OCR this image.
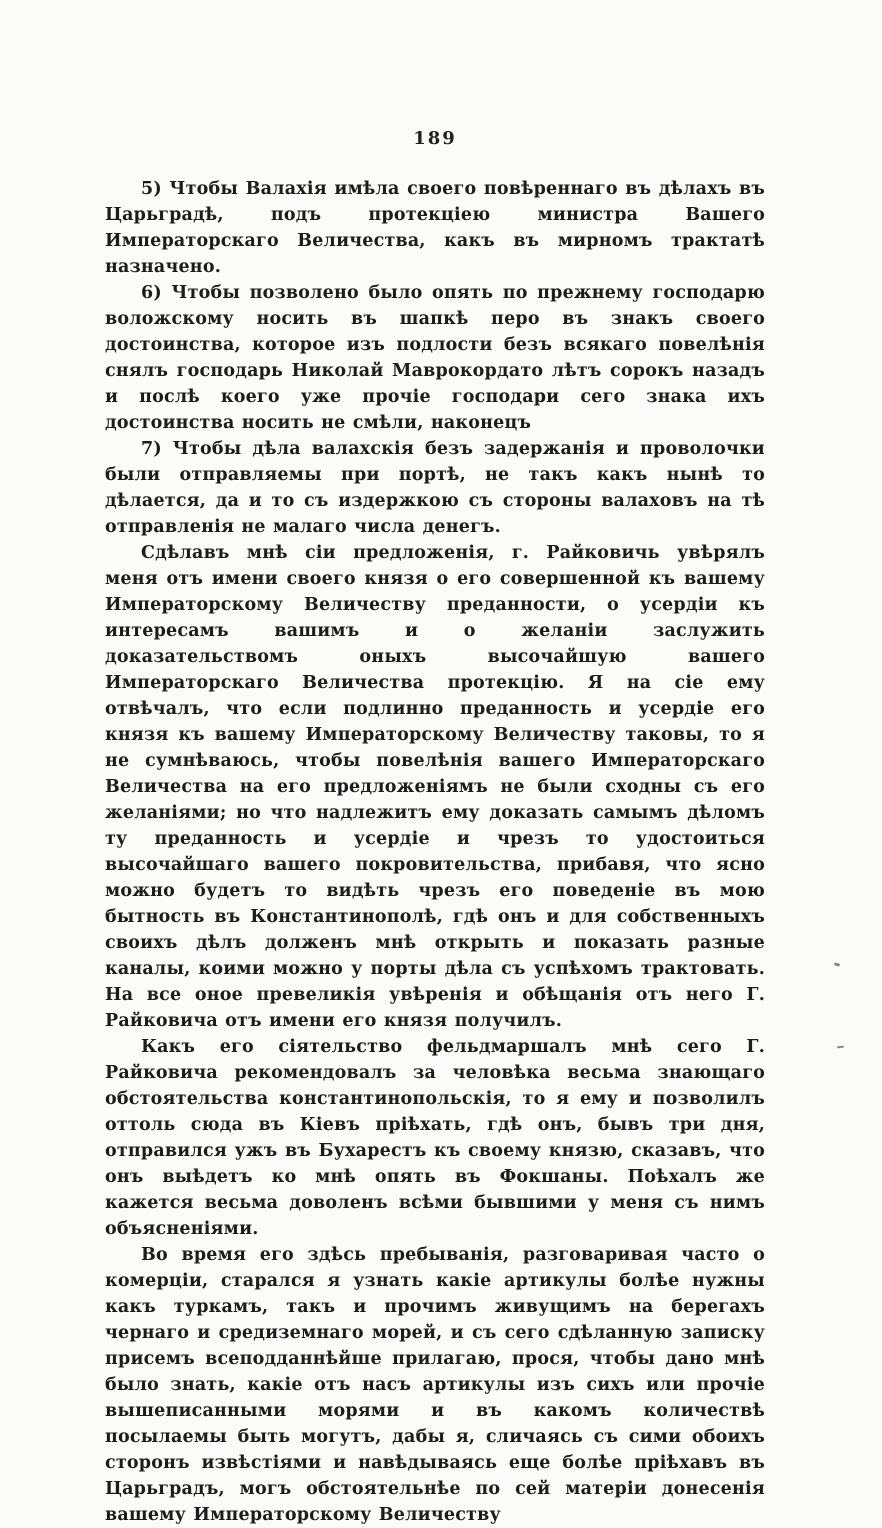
189

5) Чтобы Валахія имѣла своего повѣреннаго въ дѣлахъ въ Царьградѣ, подъ протекціею министра Вашего Императорскаго Величества, какъ въ мирномъ трактатѣ назначено.

6) Чтобы позволено было опять по прежнему господарю воложскому носить въ шапкѣ перо въ знакъ своего достоинства, которое изъ подлости безъ всякаго повелѣнія снялъ господарь Николай Маврокордато лѣтъ сорокъ назадъ и послѣ коего уже прочіе господари сего знака ихъ достоинства носить не смѣли, наконецъ

7) Чтобы дѣла валахскія безъ задержанія и проволочки были отправляемы при портѣ, не такъ какъ нынѣ то дѣлается, да и то съ издержкою съ стороны валаховъ на тѣ отправленія не малаго числа денегъ.

Сдѣлавъ мнѣ сіи предложенія, г. Райковичь увѣрялъ меня отъ имени своего князя о его совершенной къ вашему Императорскому Величеству преданности, о усердіи къ интересамъ вашимъ и о желаніи заслужить доказательствомъ оныхъ высочайшую вашего Императорскаго Величества протекцію. Я на сіе ему отвѣчалъ, что если подлинно преданность и усердіе его князя къ вашему Императорскому Величеству таковы, то я не сумнѣваюсь, чтобы повелѣнія вашего Императорскаго Величества на его предложеніямъ не были сходны съ его желаніями; но что надлежитъ ему доказать самымъ дѣломъ ту преданность и усердіе и чрезъ то удостоиться высочайшаго вашего покровительства, прибавя, что ясно можно будетъ то видѣть чрезъ его поведеніе въ мою бытность въ Константинополѣ, гдѣ онъ и для собственныхъ своихъ дѣлъ долженъ мнѣ открыть и показать разные каналы, коими можно у порты дѣла съ успѣхомъ трактовать. На все оное превеликія увѣренія и обѣщанія отъ него Г. Райковича отъ имени его князя получилъ.

Какъ его сіятельство фельдмаршалъ мнѣ сего Г. Райковича рекомендовалъ за человѣка весьма знающаго обстоятельства константинопольскія, то я ему и позволилъ оттоль сюда въ Кіевъ пріѣхать, гдѣ онъ, бывъ три дня, отправился ужъ въ Бухарестъ къ своему князю, сказавъ, что онъ выѣдетъ ко мнѣ опять въ Фокшаны. Поѣхалъ же кажется весьма доволенъ всѣми бывшими у меня съ нимъ объясненіями.

Во время его здѣсь пребыванія, разговаривая часто о комерціи, старался я узнать какіе артикулы болѣе нужны какъ туркамъ, такъ и прочимъ живущимъ на берегахъ чернаго и средиземнаго морей, и съ сего сдѣланную записку присемъ всеподданнѣйше прилагаю, прося, чтобы дано мнѣ было знать, какіе отъ насъ артикулы изъ сихъ или прочіе вышеписанными морями и въ какомъ количествѣ посылаемы быть могутъ, дабы я, сличаясь съ сими обоихъ сторонъ извѣстіями и навѣдываясь еще болѣе пріѣхавъ въ Царьградъ, могъ обстоятельнѣе по сей матеріи донесенія вашему Императорскому Величеству
